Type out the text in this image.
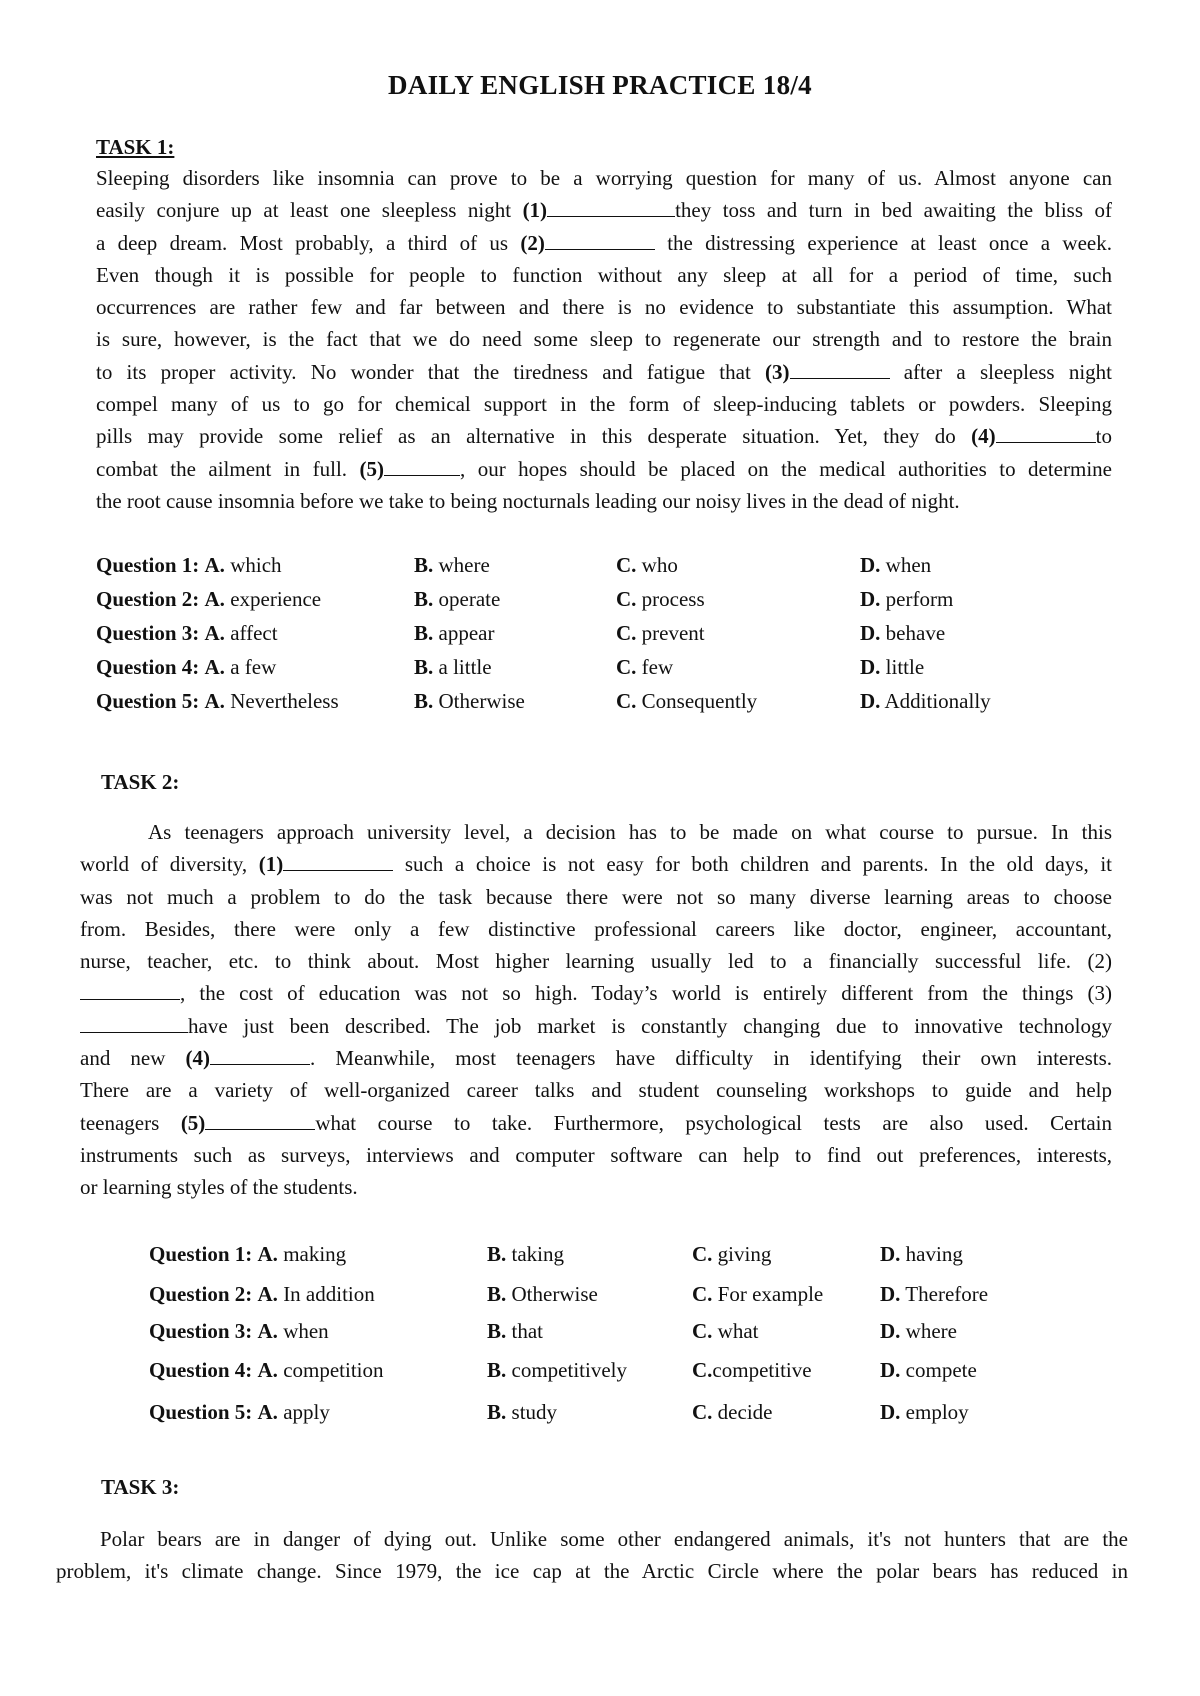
DAILY ENGLISH PRACTICE 18/4
TASK 1:
Sleeping disorders like insomnia can prove to be a worrying question for many of us. Almost anyone can
easily conjure up at least one sleepless night (1)	they toss and turn in bed awaiting the bliss of
a deep dream. Most probably, a third of us (2)	the distressing experience at least once a week.
Even though it is possible for people to function without any sleep at all for a period of time, such
occurrences are rather few and far between and there is no evidence to substantiate this assumption. What
is sure, however, is the fact that we do need some sleep to regenerate our strength and to restore the brain
to its proper activity. No wonder that the tiredness and fatigue that (3)	after a sleepless night
compel many of us to go for chemical support in the form of sleep-inducing tablets or powders. Sleeping
pills may provide some relief as an alternative in this desperate situation. Yet, they do (4)	to
combat the ailment in full. (5)	, our hopes should be placed on the medical authorities to determine
the root cause insomnia before we take to being nocturnals leading our noisy lives in the dead of night.
Question 1: A. which	B. where	C. who	D. when
Question 2: A. experience	B. operate	C. process	D. perform
Question 3: A. affect	B. appear	C. prevent	D. behave
Question 4: A. a few	B. a little	C. few	D. little
Question 5: A. Nevertheless	B. Otherwise	C. Consequently	D. Additionally
TASK 2:
As teenagers approach university level, a decision has to be made on what course to pursue. In this
world of diversity, (1)	such a choice is not easy for both children and parents. In the old days, it
was not much a problem to do the task because there were not so many diverse learning areas to choose
from. Besides, there were only a few distinctive professional careers like doctor, engineer, accountant,
nurse, teacher, etc. to think about. Most higher learning usually led to a financially successful life. (2)
, the cost of education was not so high. Today’s world is entirely different from the things (3)
have just been described. The job market is constantly changing due to innovative technology
and new (4)	. Meanwhile, most teenagers have difficulty in identifying their own interests.
There are a variety of well-organized career talks and student counseling workshops to guide and help
teenagers (5)	what course to take. Furthermore, psychological tests are also used. Certain
instruments such as surveys, interviews and computer software can help to find out preferences, interests,
or learning styles of the students.
Question 1: A. making	B. taking	C. giving	D. having
Question 2: A. In addition	B. Otherwise	C. For example	D. Therefore
Question 3: A. when	B. that	C. what	D. where
Question 4: A. competition	B. competitively	C.competitive	D. compete
Question 5: A. apply	B. study	C. decide	D. employ
TASK 3:
Polar bears are in danger of dying out. Unlike some other endangered animals, it's not hunters that are the
problem, it's climate change. Since 1979, the ice cap at the Arctic Circle where the polar bears has reduced in
